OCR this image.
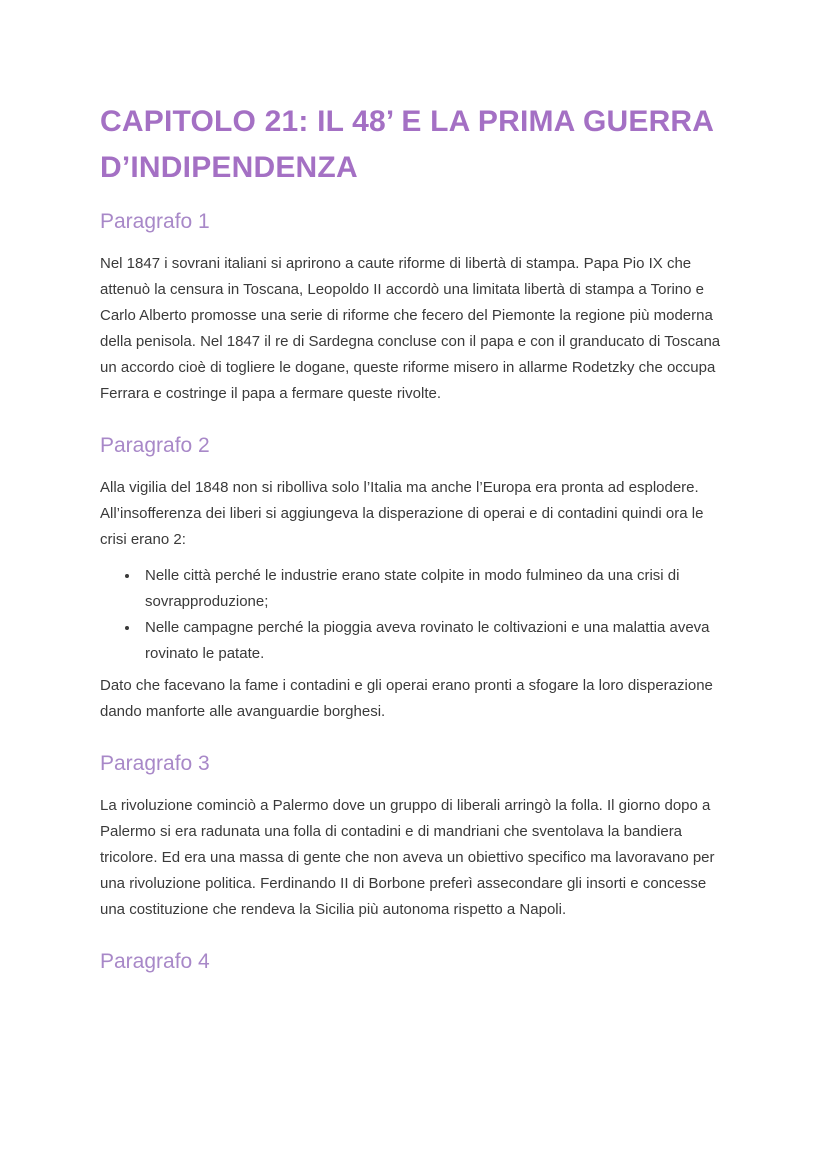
CAPITOLO 21: IL 48’ E LA PRIMA GUERRA D’INDIPENDENZA
Paragrafo 1

Nel 1847 i sovrani italiani si aprirono a caute riforme di libertà di stampa. Papa Pio IX che attenuò la censura in Toscana, Leopoldo II accordò una limitata libertà di stampa a Torino e Carlo Alberto promosse una serie di riforme che fecero del Piemonte la regione più moderna della penisola. Nel 1847 il re di Sardegna concluse con il papa e con il granducato di Toscana un accordo cioè di togliere le dogane, queste riforme misero in allarme Rodetzky che occupa Ferrara e costringe il papa a fermare queste rivolte.

Paragrafo 2

Alla vigilia del 1848 non si ribolliva solo l’Italia ma anche l’Europa era pronta ad esplodere. All’insofferenza dei liberi si aggiungeva la disperazione di operai e di contadini quindi ora le crisi erano 2:

• Nelle città perché le industrie erano state colpite in modo fulmineo da una crisi di sovrapproduzione;
• Nelle campagne perché la pioggia aveva rovinato le coltivazioni e una malattia aveva rovinato le patate.

Dato che facevano la fame i contadini e gli operai erano pronti a sfogare la loro disperazione dando manforte alle avanguardie borghesi.

Paragrafo 3

La rivoluzione cominciò a Palermo dove un gruppo di liberali arringò la folla. Il giorno dopo a Palermo si era radunata una folla di contadini e di mandriani che sventolava la bandiera tricolore. Ed era una massa di gente che non aveva un obiettivo specifico ma lavoravano per una rivoluzione politica. Ferdinando II di Borbone preferì assecondare gli insorti e concesse una costituzione che rendeva la Sicilia più autonoma rispetto a Napoli.

Paragrafo 4
